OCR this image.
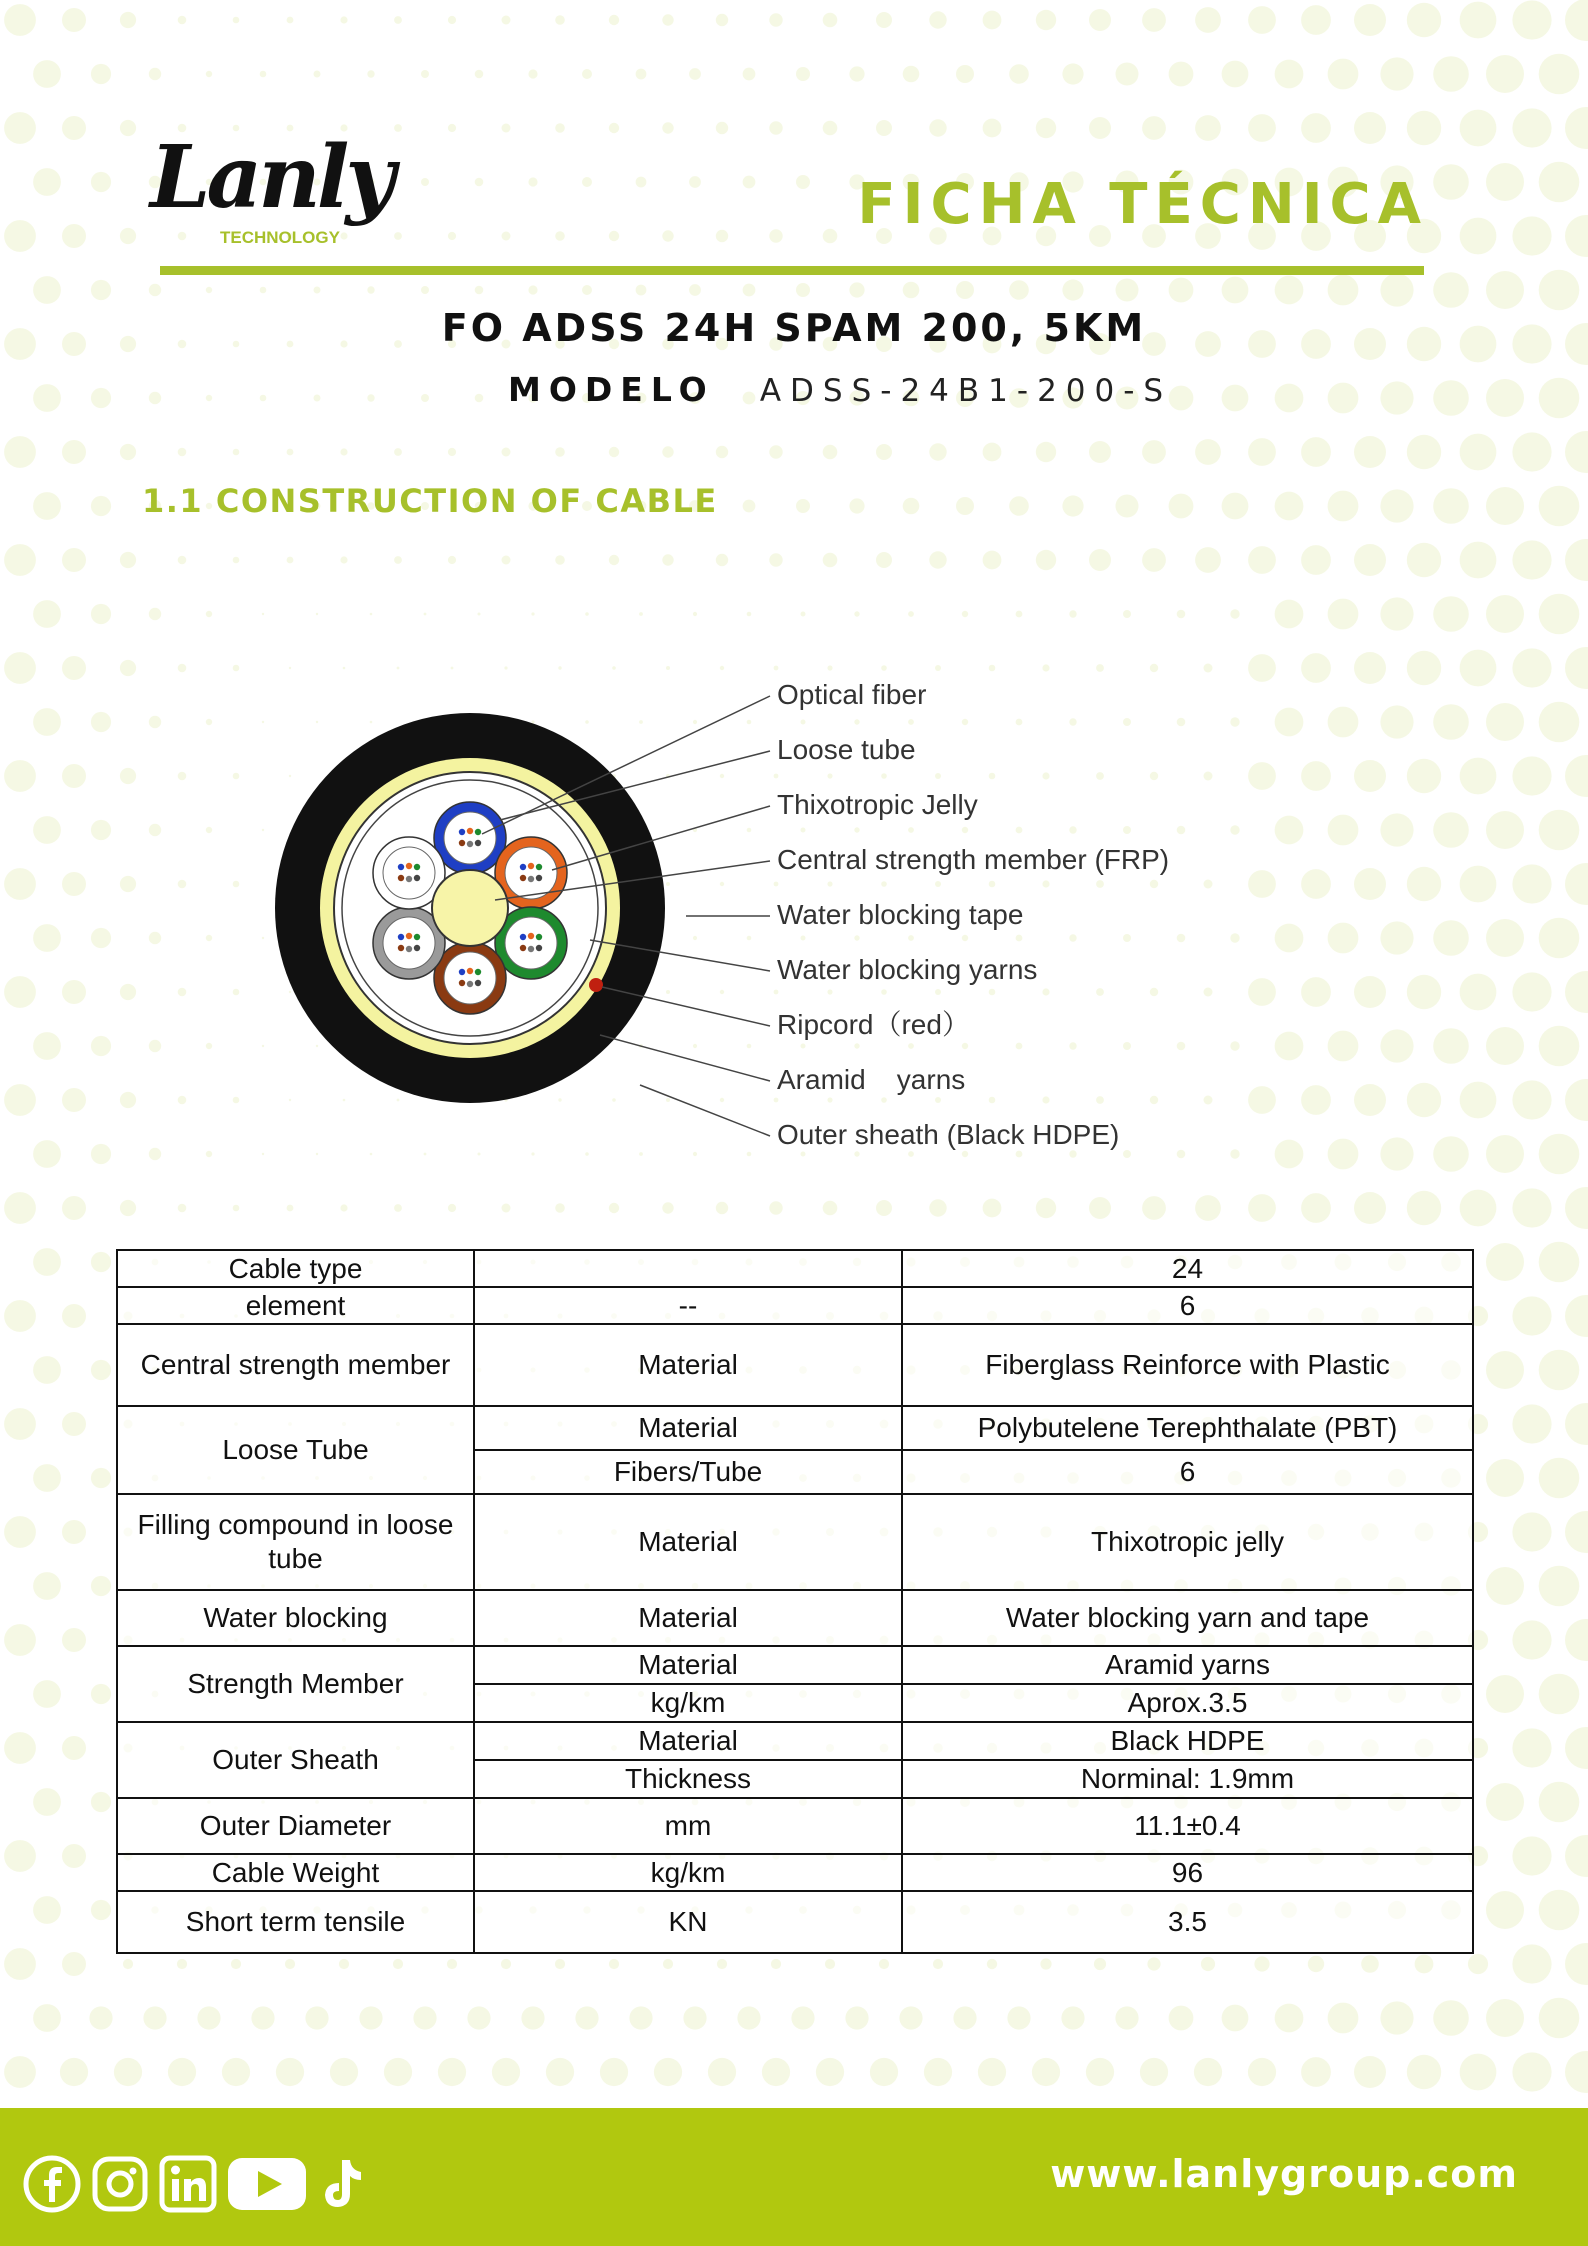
Lanly
TECHNOLOGY
FICHA TÉCNICA
FO ADSS 24H SPAM 200, 5KM
MODELO ADSS-24B1-200-S
1.1 CONSTRUCTION OF CABLE
Optical fiber
Loose tube
Thixotropic Jelly
Central strength member (FRP)
Water blocking tape
Water blocking yarns
Ripcord（red）
Aramid    yarns
Outer sheath (Black HDPE)
Cable type		24
element	--	6
Central strength member	Material	Fiberglass Reinforce with Plastic
Loose Tube	Material	Polybutelene Terephthalate (PBT)
	Fibers/Tube	6
Filling compound in loose tube	Material	Thixotropic jelly
Water blocking	Material	Water blocking yarn and tape
Strength Member	Material	Aramid yarns
	kg/km	Aprox.3.5
Outer Sheath	Material	Black HDPE
	Thickness	Norminal: 1.9mm
Outer Diameter	mm	11.1±0.4
Cable Weight	kg/km	96
Short term tensile	KN	3.5
www.lanlygroup.com
